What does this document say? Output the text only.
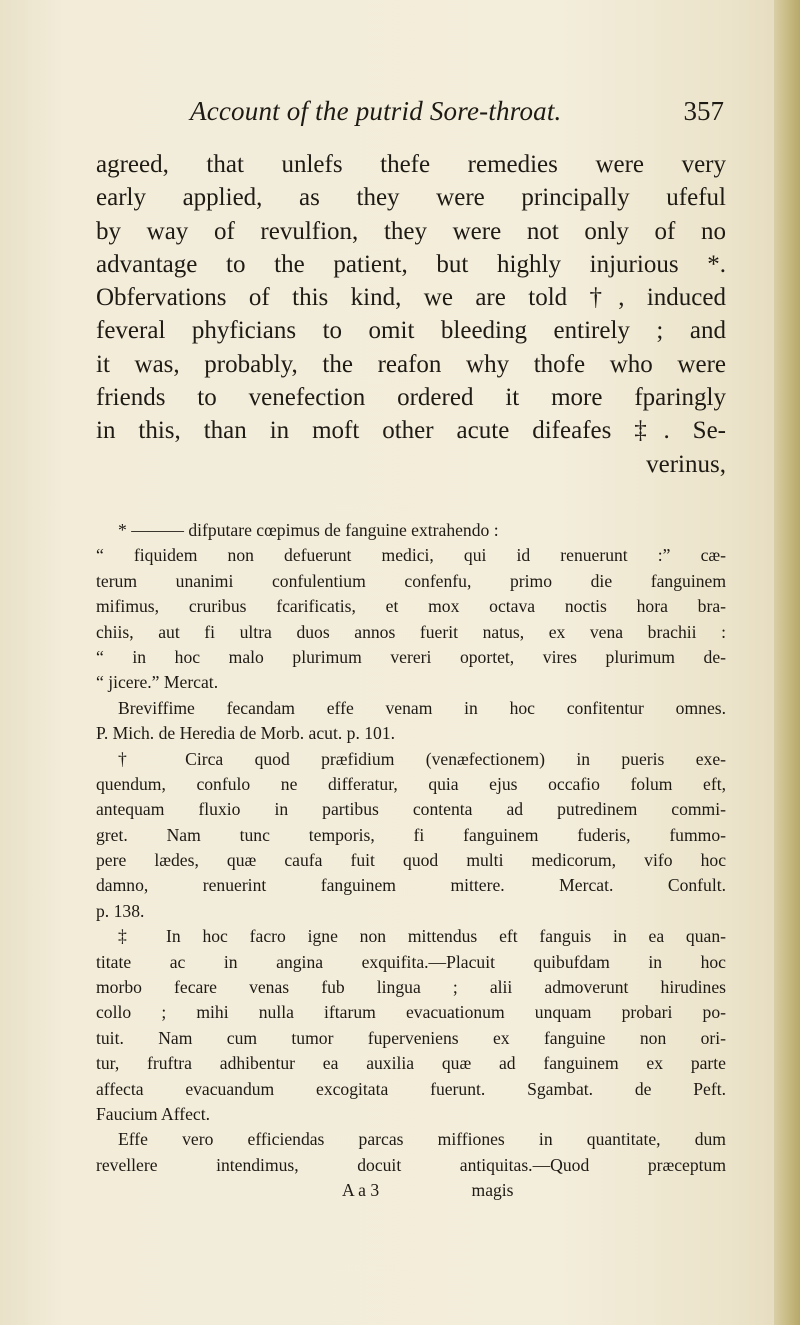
Account of the putrid Sore-throat.	357
agreed, that unlefs thefe remedies were very
early applied, as they were principally ufeful
by way of revulfion, they were not only of no
advantage to the patient, but highly injurious *.
Obfervations of this kind, we are told †, induced
feveral phyficians to omit bleeding entirely ; and
it was, probably, the reafon why thofe who were
friends to venefection ordered it more fparingly
in this, than in moft other acute difeafes ‡. Se-
verinus,
* ——— difputare cœpimus de fanguine extrahendo :
“ fiquidem non defuerunt medici, qui id renuerunt :” cæ-
terum unanimi confulentium confenfu, primo die fanguinem
mifimus, cruribus fcarificatis, et mox octava noctis hora bra-
chiis, aut fi ultra duos annos fuerit natus, ex vena brachii :
“ in hoc malo plurimum vereri oportet, vires plurimum de-
“ jicere.” Mercat.
Breviffime fecandam effe venam in hoc confitentur omnes.
P. Mich. de Heredia de Morb. acut. p. 101.
† Circa quod præfidium (venæfectionem) in pueris exe-
quendum, confulo ne differatur, quia ejus occafio folum eft,
antequam fluxio in partibus contenta ad putredinem commi-
gret. Nam tunc temporis, fi fanguinem fuderis, fummo-
pere lædes, quæ caufa fuit quod multi medicorum, vifo hoc
damno, renuerint fanguinem mittere. Mercat. Confult.
p. 138.
‡ In hoc facro igne non mittendus eft fanguis in ea quan-
titate ac in angina exquifita.—Placuit quibufdam in hoc
morbo fecare venas fub lingua ; alii admoverunt hirudines
collo ; mihi nulla iftarum evacuationum unquam probari po-
tuit. Nam cum tumor fuperveniens ex fanguine non ori-
tur, fruftra adhibentur ea auxilia quæ ad fanguinem ex parte
affecta evacuandum excogitata fuerunt. Sgambat. de Peft.
Faucium Affect.
Effe vero efficiendas parcas miffiones in quantitate, dum
revellere intendimus, docuit antiquitas.—Quod præceptum
A a 3                     magis
